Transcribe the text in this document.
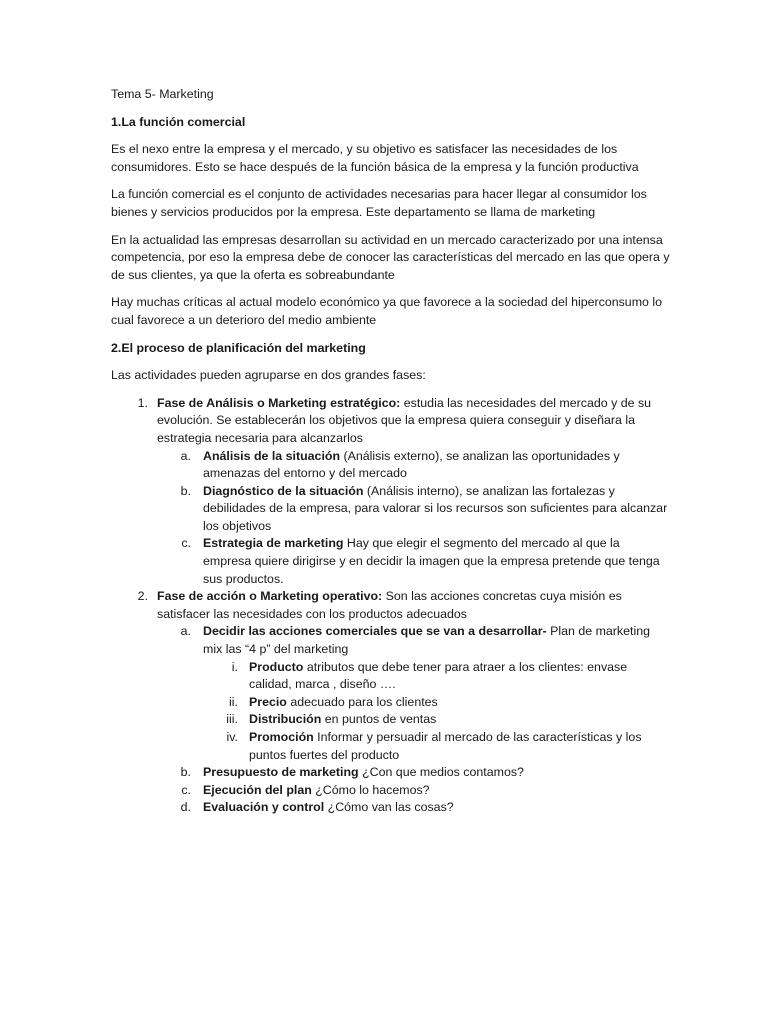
Tema 5- Marketing

1.La función comercial

Es el nexo entre la empresa y el mercado, y su objetivo es satisfacer las necesidades de los consumidores. Esto se hace después de la función básica de la empresa y la función productiva

La función comercial es el conjunto de actividades necesarias para hacer llegar al consumidor los bienes y servicios producidos por la empresa. Este departamento se llama de marketing

En la actualidad las empresas desarrollan su actividad en un mercado caracterizado por una intensa competencia, por eso la empresa debe de conocer las características del mercado en las que opera y de sus clientes, ya que la oferta es sobreabundante

Hay muchas críticas al actual modelo económico ya que favorece a la sociedad del hiperconsumo lo cual favorece a un deterioro del medio ambiente

2.El proceso de planificación del marketing

Las actividades pueden agruparse en dos grandes fases:

1. Fase de Análisis o Marketing estratégico: estudia las necesidades del mercado y de su evolución. Se establecerán los objetivos que la empresa quiera conseguir y diseñara la estrategia necesaria para alcanzarlos
a. Análisis de la situación (Análisis externo), se analizan las oportunidades y amenazas del entorno y del mercado
b. Diagnóstico de la situación (Análisis interno), se analizan las fortalezas y debilidades de la empresa, para valorar si los recursos son suficientes para alcanzar los objetivos
c. Estrategia de marketing Hay que elegir el segmento del mercado al que la empresa quiere dirigirse y en decidir la imagen que la empresa pretende que tenga sus productos.
2. Fase de acción o Marketing operativo: Son las acciones concretas cuya misión es satisfacer las necesidades con los productos adecuados
a. Decidir las acciones comerciales que se van a desarrollar- Plan de marketing mix las “4 p” del marketing
i. Producto atributos que debe tener para atraer a los clientes: envase calidad, marca , diseño ….
ii. Precio adecuado para los clientes
iii. Distribución en puntos de ventas
iv. Promoción Informar y persuadir al mercado de las características y los puntos fuertes del producto
b. Presupuesto de marketing ¿Con que medios contamos?
c. Ejecución del plan ¿Cómo lo hacemos?
d. Evaluación y control ¿Cómo van las cosas?
